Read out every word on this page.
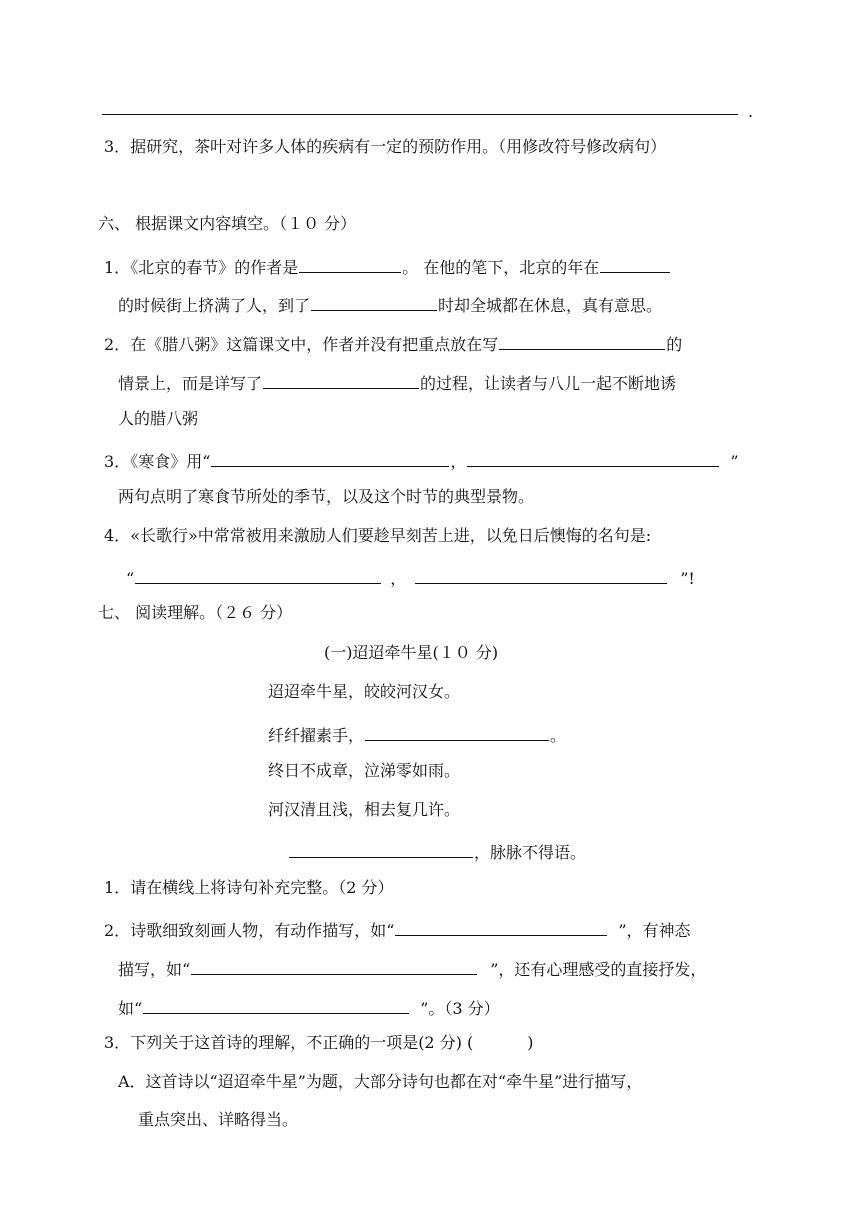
.
3．据研究，茶叶对许多人体的疾病有一定的预防作用。（用修改符号修改病句）
六、 根据课文内容填空。（１０ 分）
1．《北京的春节》的作者是	。 在他的笔下，北京的年在
的时候街上挤满了人，到了	时却全城都在休息，真有意思。
2．在《腊八粥》这篇课文中，作者并没有把重点放在写	的
情景上，而是详写了	的过程，让读者与八儿一起不断地诱
人的腊八粥
3．《寒食》用“	，	”
两句点明了寒食节所处的季节，以及这个时节的典型景物。
4．«长歌行»中常常被用来激励人们要趁早刻苦上进，以免日后懊悔的名句是:
“	，	”!
七、 阅读理解。（２６ 分）
(一)迢迢牵牛星(１０ 分)
迢迢牵牛星，皎皎河汉女。
纤纤擢素手，	。
终日不成章，泣涕零如雨。
河汉清且浅，相去复几许。
，脉脉不得语。
1．请在横线上将诗句补充完整。（2 分）
2．诗歌细致刻画人物，有动作描写，如“	”，有神态
描写，如“	”，还有心理感受的直接抒发，
如“	”。（3 分）
3．下列关于这首诗的理解，不正确的一项是(2 分) (	)
A．这首诗以“迢迢牵牛星”为题，大部分诗句也都在对“牵牛星”进行描写，
重点突出、详略得当。
